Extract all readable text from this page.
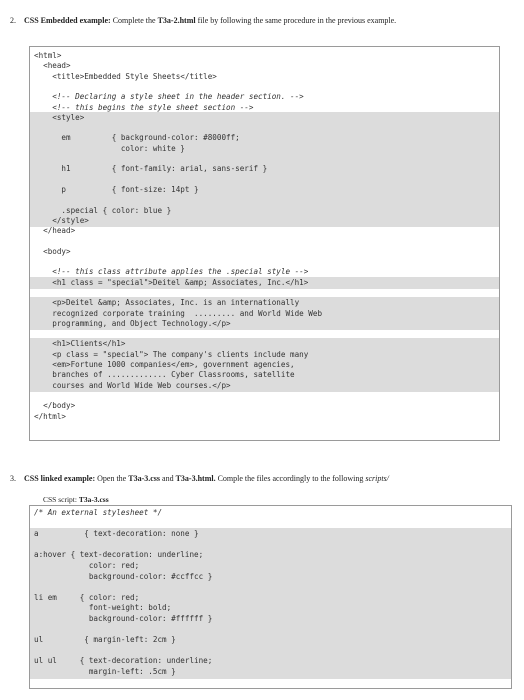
2. CSS Embedded example: Complete the T3a-2.html file by following the same procedure in the previous example.
<html>
<head>
<title>Embedded Style Sheets</title>
<!-- Declaring a style sheet in the header section. -->
<!-- this begins the style sheet section -->
<style>
em         { background-color: #8000ff;
color: white }
h1         { font-family: arial, sans-serif }
p          { font-size: 14pt }
.special { color: blue }
</style>
</head>
<body>
<!-- this class attribute applies the .special style -->
<h1 class = "special">Deitel &amp; Associates, Inc.</h1>
<p>Deitel &amp; Associates, Inc. is an internationally
recognized corporate training  ......... and World Wide Web
programming, and Object Technology.</p>
<h1>Clients</h1>
<p class = "special"> The company's clients include many
<em>Fortune 1000 companies</em>, government agencies,
branches of ............. Cyber Classrooms, satellite
courses and World Wide Web courses.</p>
</body>
</html>
3. CSS linked example: Open the T3a-3.css and T3a-3.html. Comple the files accordingly to the following scripts/
CSS script: T3a-3.css
/* An external stylesheet */
a          { text-decoration: none }
a:hover { text-decoration: underline;
color: red;
background-color: #ccffcc }
li em     { color: red;
font-weight: bold;
background-color: #ffffff }
ul         { margin-left: 2cm }
ul ul     { text-decoration: underline;
margin-left: .5cm }
